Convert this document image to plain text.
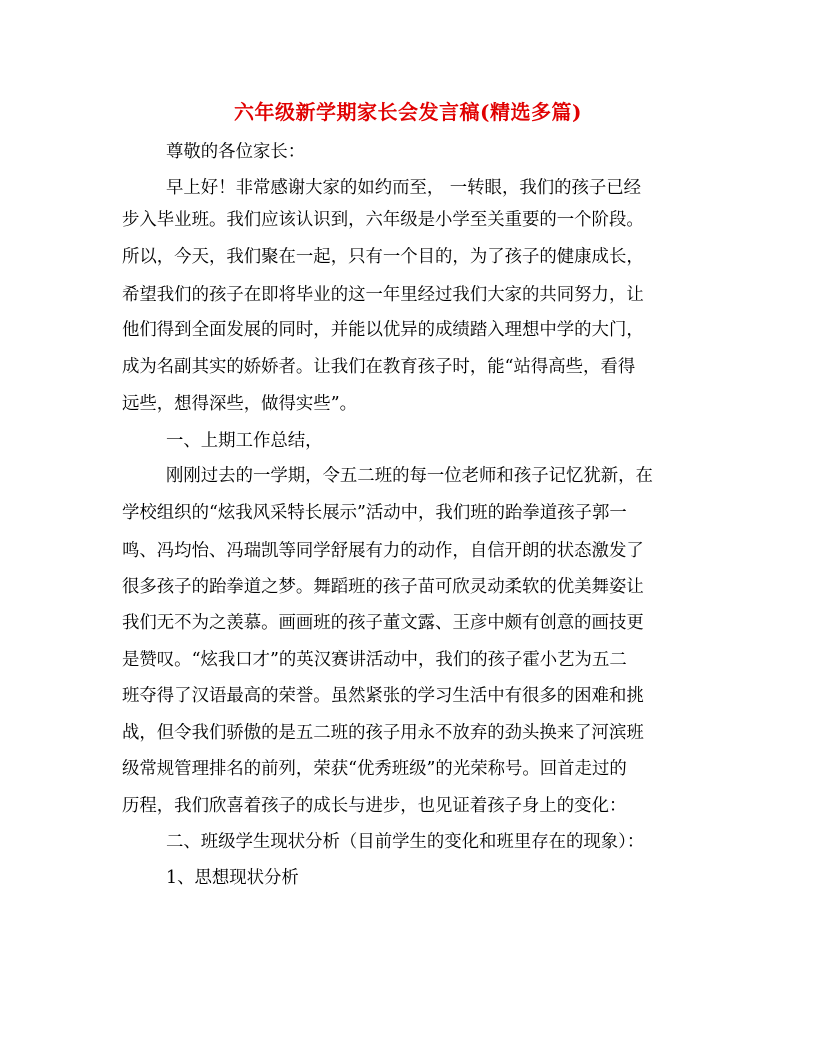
六年级新学期家长会发言稿(精选多篇)
尊敬的各位家长：
早上好！非常感谢大家的如约而至， 一转眼，我们的孩子已经
步入毕业班。我们应该认识到，六年级是小学至关重要的一个阶段。
所以，今天，我们聚在一起，只有一个目的，为了孩子的健康成长，
希望我们的孩子在即将毕业的这一年里经过我们大家的共同努力，让
他们得到全面发展的同时，并能以优异的成绩踏入理想中学的大门，
成为名副其实的娇娇者。让我们在教育孩子时，能“站得高些，看得
远些，想得深些，做得实些”。
一、上期工作总结，
刚刚过去的一学期，令五二班的每一位老师和孩子记忆犹新，在
学校组织的“炫我风采特长展示”活动中，我们班的跆拳道孩子郭一
鸣、冯均怡、冯瑞凯等同学舒展有力的动作，自信开朗的状态激发了
很多孩子的跆拳道之梦。舞蹈班的孩子苗可欣灵动柔软的优美舞姿让
我们无不为之羡慕。画画班的孩子董文露、王彦中颇有创意的画技更
是赞叹。“炫我口才”的英汉赛讲活动中，我们的孩子霍小艺为五二
班夺得了汉语最高的荣誉。虽然紧张的学习生活中有很多的困难和挑
战，但令我们骄傲的是五二班的孩子用永不放弃的劲头换来了河滨班
级常规管理排名的前列，荣获“优秀班级”的光荣称号。回首走过的
历程，我们欣喜着孩子的成长与进步，也见证着孩子身上的变化：
二、班级学生现状分析（目前学生的变化和班里存在的现象）：
1、思想现状分析
